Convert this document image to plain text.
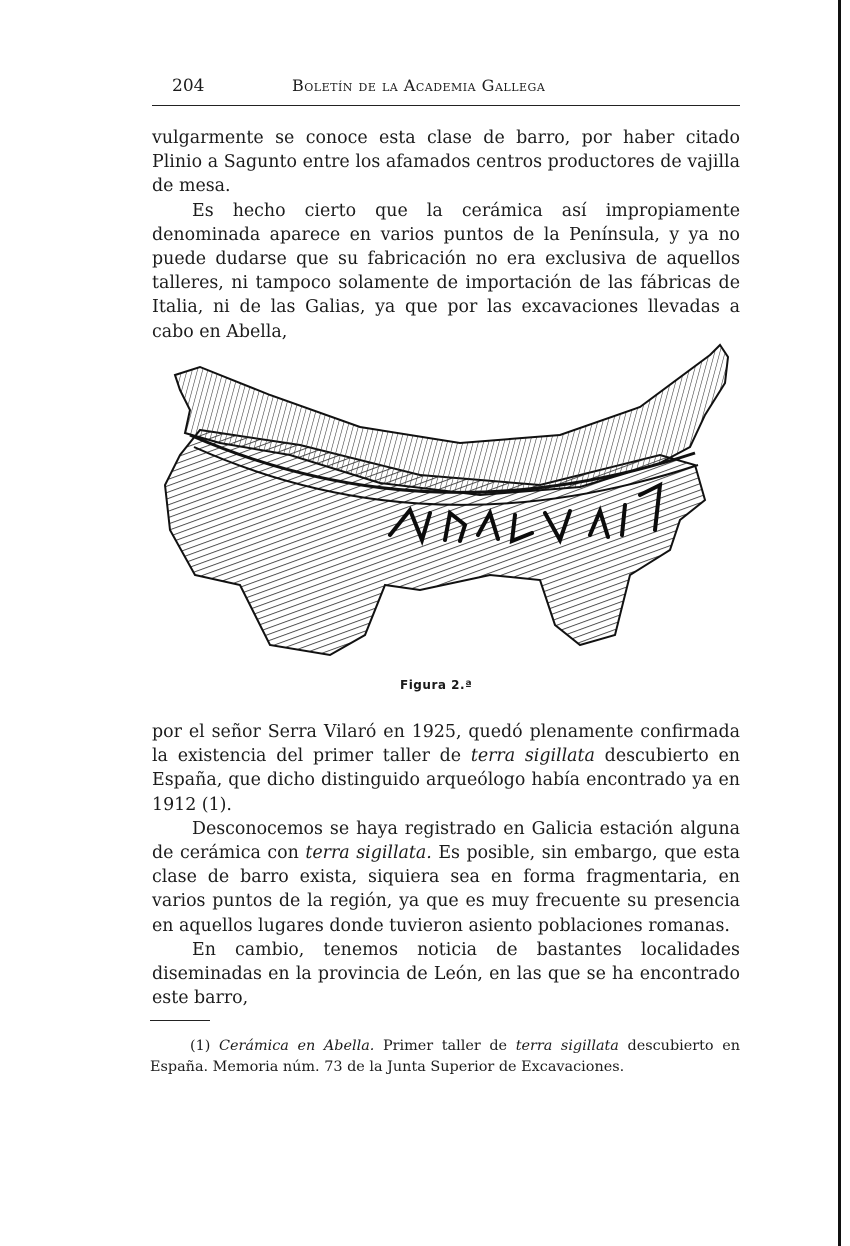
204	Boletín de la Academia Gallega

vulgarmente se conoce esta clase de barro, por haber citado Plinio a Sagunto entre los afamados centros productores de vajilla de mesa.

Es hecho cierto que la cerámica así impropiamente denominada aparece en varios puntos de la Península, y ya no puede dudarse que su fabricación no era exclusiva de aquellos talleres, ni tampoco solamente de importación de las fábricas de Italia, ni de las Galias, ya que por las excavaciones llevadas a cabo en Abella,

Figura 2.ª

por el señor Serra Vilaró en 1925, quedó plenamente confirmada la existencia del primer taller de terra sigillata descubierto en España, que dicho distinguido arqueólogo había encontrado ya en 1912 (1).

Desconocemos se haya registrado en Galicia estación alguna de cerámica con terra sigillata. Es posible, sin embargo, que esta clase de barro exista, siquiera sea en forma fragmentaria, en varios puntos de la región, ya que es muy frecuente su presencia en aquellos lugares donde tuvieron asiento poblaciones romanas.

En cambio, tenemos noticia de bastantes localidades diseminadas en la provincia de León, en las que se ha encontrado este barro,

(1) Cerámica en Abella. Primer taller de terra sigillata descubierto en España. Memoria núm. 73 de la Junta Superior de Excavaciones.
